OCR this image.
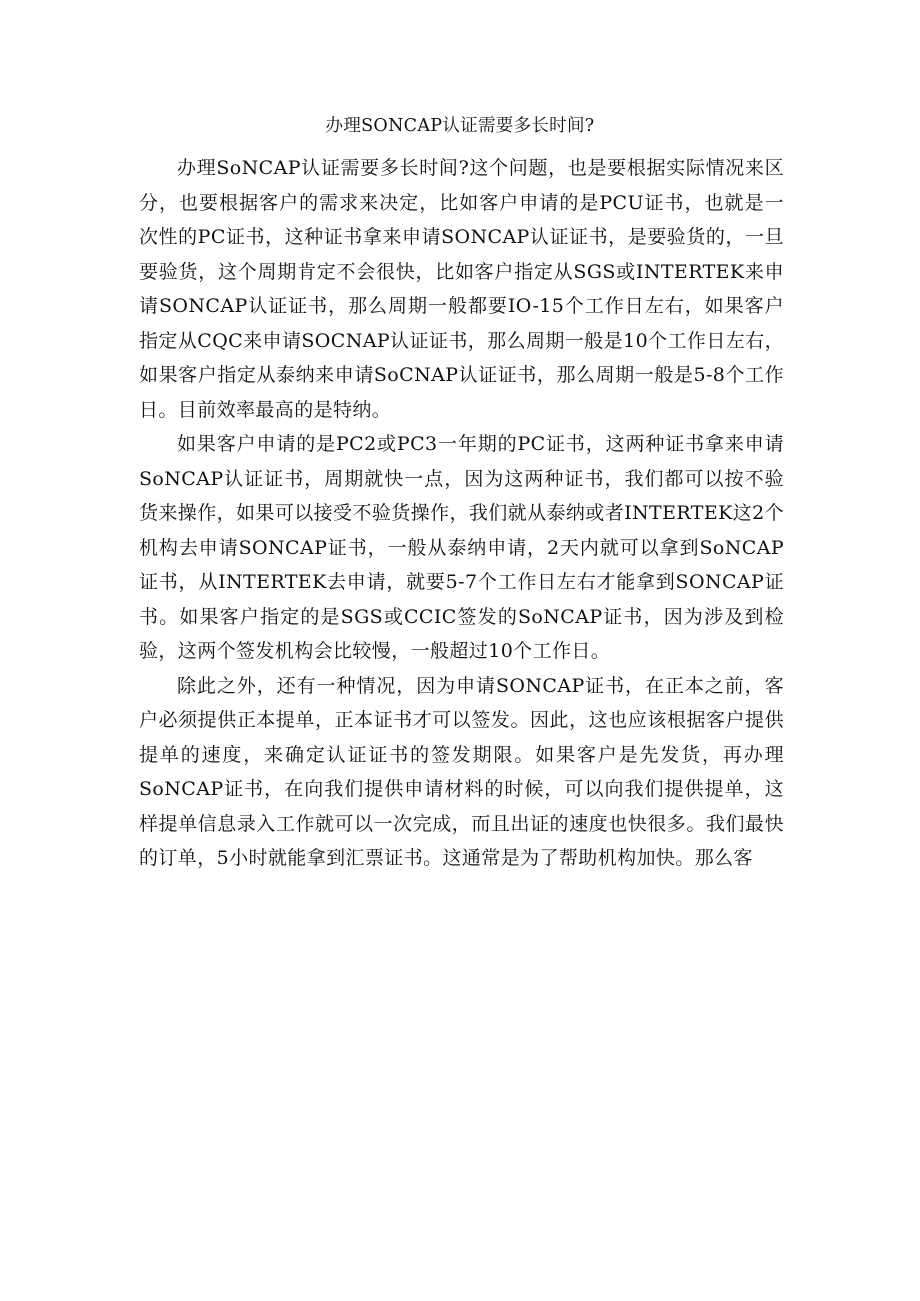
办理SONCAP认证需要多长时间?

办理SoNCAP认证需要多长时间?这个问题，也是要根据实际情况来区分，也要根据客户的需求来决定，比如客户申请的是PCU证书，也就是一次性的PC证书，这种证书拿来申请SONCAP认证证书，是要验货的，一旦要验货，这个周期肯定不会很快，比如客户指定从SGS或INTERTEK来申请SONCAP认证证书，那么周期一般都要IO-15个工作日左右，如果客户指定从CQC来申请SOCNAP认证证书，那么周期一般是10个工作日左右，如果客户指定从泰纳来申请SoCNAP认证证书，那么周期一般是5-8个工作日。目前效率最高的是特纳。

如果客户申请的是PC2或PC3一年期的PC证书，这两种证书拿来申请SoNCAP认证证书，周期就快一点，因为这两种证书，我们都可以按不验货来操作，如果可以接受不验货操作，我们就从泰纳或者INTERTEK这2个机构去申请SONCAP证书，一般从泰纳申请，2天内就可以拿到SoNCAP证书，从INTERTEK去申请，就要5-7个工作日左右才能拿到SONCAP证书。如果客户指定的是SGS或CCIC签发的SoNCAP证书，因为涉及到检验，这两个签发机构会比较慢，一般超过10个工作日。

除此之外，还有一种情况，因为申请SONCAP证书，在正本之前，客户必须提供正本提单，正本证书才可以签发。因此，这也应该根据客户提供提单的速度，来确定认证证书的签发期限。如果客户是先发货，再办理SoNCAP证书，在向我们提供申请材料的时候，可以向我们提供提单，这样提单信息录入工作就可以一次完成，而且出证的速度也快很多。我们最快的订单，5小时就能拿到汇票证书。这通常是为了帮助机构加快。那么客
